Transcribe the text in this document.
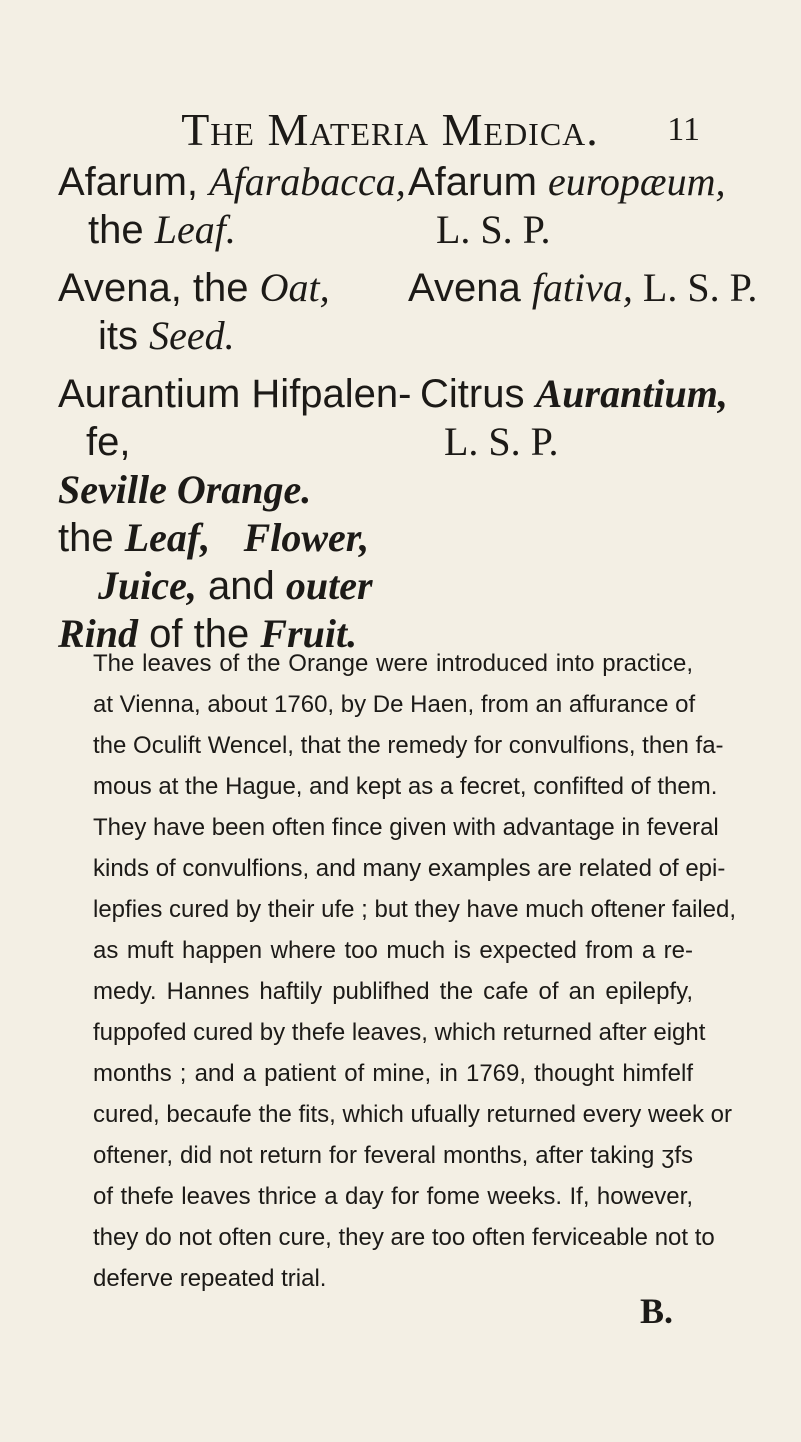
The Materia Medica.	11
Afarum, Afarabacca,
the Leaf.
Afarum europæum,
L. S. P.
Avena, the Oat,
its Seed.
Avena fativa, L. S. P.
Aurantium Hifpalen-
fe,
Seville Orange.
the Leaf, Flower,
Juice, and outer
Rind of the Fruit.
Citrus Aurantium,
L. S. P.
The leaves of the Orange were introduced into practice,
at Vienna, about 1760, by De Haen, from an affurance of
the Oculift Wencel, that the remedy for convulfions, then fa-
mous at the Hague, and kept as a fecret, confifted of them.
They have been often fince given with advantage in feveral
kinds of convulfions, and many examples are related of epi-
lepfies cured by their ufe ; but they have much oftener failed,
as muft happen where too much is expected from a re-
medy. Hannes haftily publifhed the cafe of an epilepfy,
fuppofed cured by thefe leaves, which returned after eight
months ; and a patient of mine, in 1769, thought himfelf
cured, becaufe the fits, which ufually returned every week or
oftener, did not return for feveral months, after taking ʒfs
of thefe leaves thrice a day for fome weeks. If, however,
they do not often cure, they are too often ferviceable not to
deferve repeated trial.
B.
